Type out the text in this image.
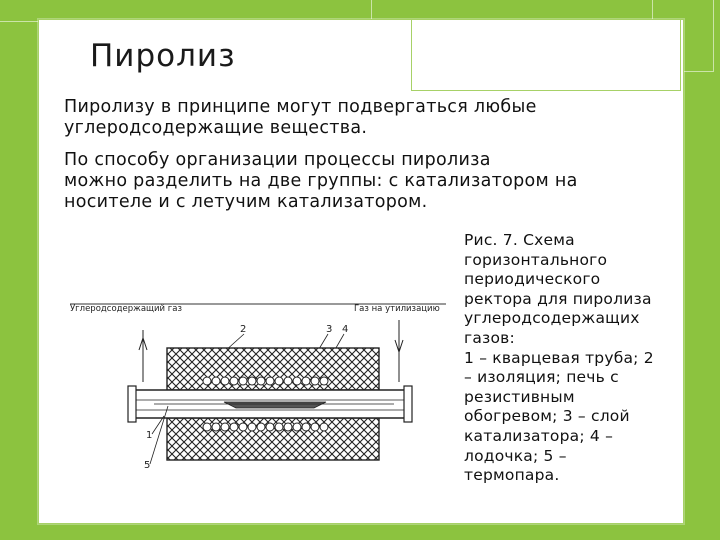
Пиролиз
Пиролизу в принципе могут подвергаться любые
углеродсодержащие вещества.
По способу организации процессы пиролиза
можно разделить на две группы: с катализатором на
носителе и с летучим катализатором.
Углеродсодержащий газ	Газ на утилизацию
2	3 4
1
5
Рис. 7. Схема
горизонтального
периодического
ректора для пиролиза
углеродсодержащих
газов:
1 – кварцевая труба; 2
– изоляция; печь с
резистивным
обогревом; 3 – слой
катализатора; 4 –
лодочка; 5 –
термопара.
